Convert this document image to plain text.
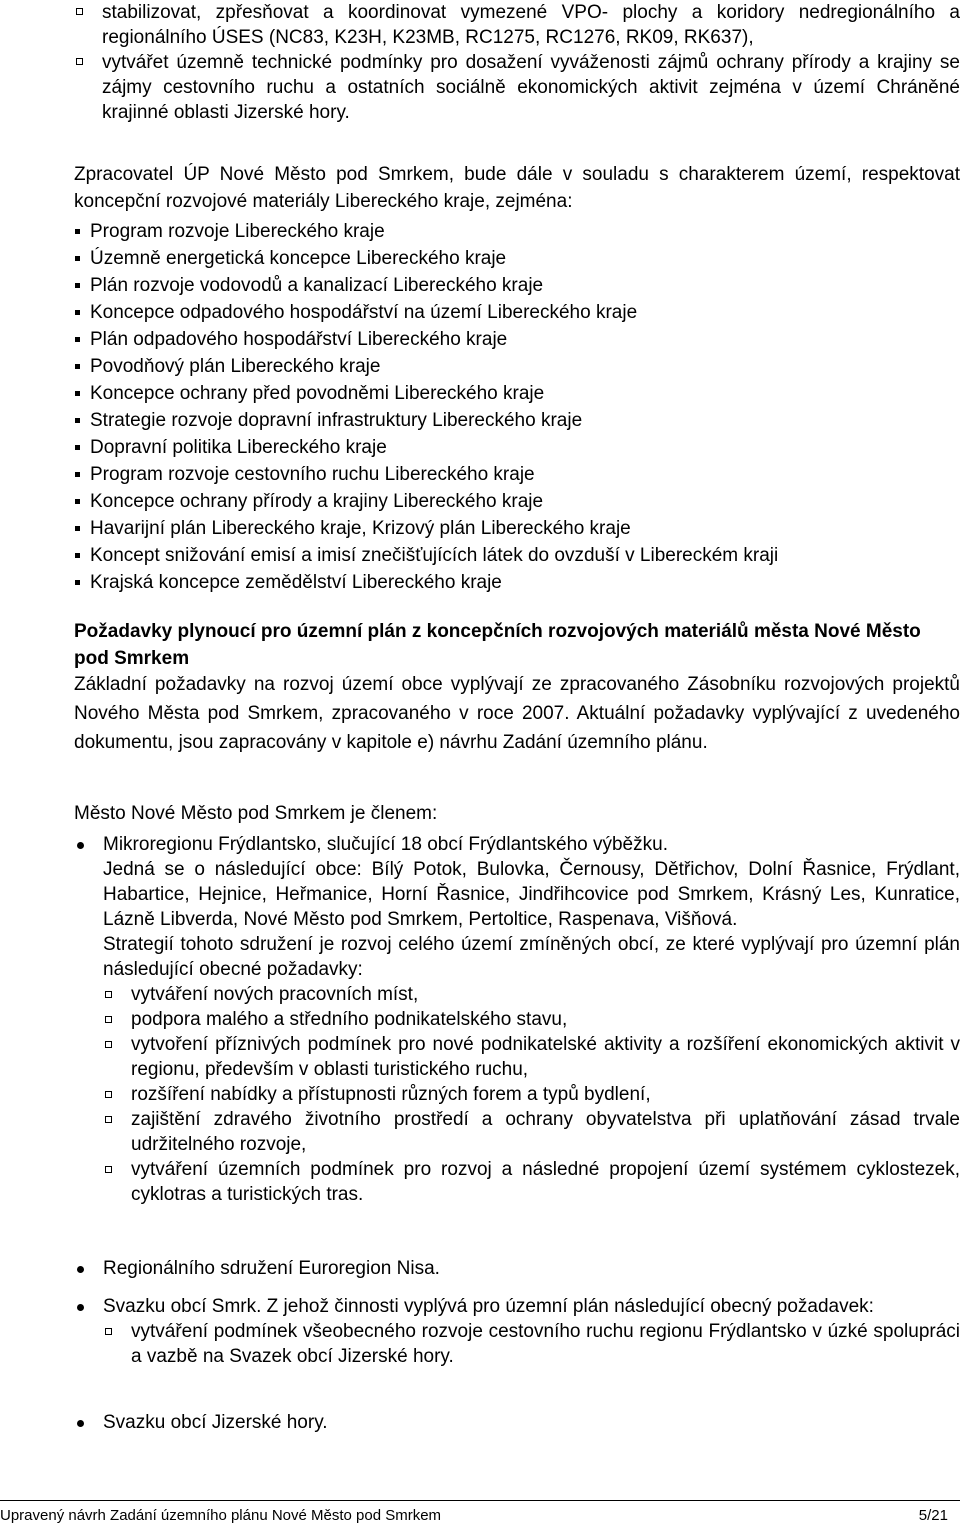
stabilizovat, zpřesňovat a koordinovat vymezené VPO- plochy a koridory nedregionálního a regionálního ÚSES (NC83, K23H, K23MB, RC1275, RC1276, RK09, RK637),
vytvářet územně technické podmínky pro dosažení vyváženosti zájmů ochrany přírody a krajiny se zájmy cestovního ruchu a ostatních sociálně ekonomických aktivit zejména v území Chráněné krajinné oblasti Jizerské hory.

Zpracovatel ÚP Nové Město pod Smrkem, bude dále v souladu s charakterem území, respektovat koncepční rozvojové materiály Libereckého kraje, zejména:

Program rozvoje Libereckého kraje
Územně energetická koncepce Libereckého kraje
Plán rozvoje vodovodů a kanalizací Libereckého kraje
Koncepce odpadového hospodářství na území Libereckého kraje
Plán odpadového hospodářství Libereckého kraje
Povodňový plán Libereckého kraje
Koncepce ochrany před povodněmi Libereckého kraje
Strategie rozvoje dopravní infrastruktury Libereckého kraje
Dopravní politika Libereckého kraje
Program rozvoje cestovního ruchu Libereckého kraje
Koncepce ochrany přírody a krajiny Libereckého kraje
Havarijní plán Libereckého kraje, Krizový plán Libereckého kraje
Koncept snižování emisí a imisí znečišťujících látek do ovzduší v Libereckém kraji
Krajská koncepce zemědělství Libereckého kraje
Požadavky plynoucí pro územní plán z koncepčních rozvojových materiálů města Nové Město pod Smrkem

Základní požadavky na rozvoj území obce vyplývají ze zpracovaného Zásobníku rozvojových projektů Nového Města pod Smrkem, zpracovaného v roce 2007. Aktuální požadavky vyplývající z uvedeného dokumentu, jsou zapracovány v kapitole e) návrhu Zadání územního plánu.

Město Nové Město pod Smrkem je členem:

Mikroregionu Frýdlantsko, slučující 18 obcí Frýdlantského výběžku.

Jedná se o následující obce: Bílý Potok, Bulovka, Černousy, Dětřichov, Dolní Řasnice, Frýdlant, Habartice, Hejnice, Heřmanice, Horní Řasnice, Jindřihcovice pod Smrkem, Krásný Les, Kunratice, Lázně Libverda, Nové Město pod Smrkem, Pertoltice, Raspenava, Višňová.

Strategií tohoto sdružení je rozvoj celého území zmíněných obcí, ze které vyplývají pro územní plán následující obecné požadavky:

vytváření nových pracovních míst,
podpora malého a středního podnikatelského stavu,
vytvoření příznivých podmínek pro nové podnikatelské aktivity a rozšíření ekonomických aktivit v regionu, především v oblasti turistického ruchu,
rozšíření nabídky a přístupnosti různých forem a typů bydlení,
zajištění zdravého životního prostředí a ochrany obyvatelstva při uplatňování zásad trvale udržitelného rozvoje,
vytváření územních podmínek pro rozvoj a následné propojení území systémem cyklostezek, cyklotras a turistických tras.

Regionálního sdružení Euroregion Nisa.

Svazku obcí Smrk. Z jehož činnosti vyplývá pro územní plán následující obecný požadavek:

vytváření podmínek všeobecného rozvoje cestovního ruchu regionu Frýdlantsko v úzké spolupráci a vazbě na Svazek obcí Jizerské hory.

Svazku obcí Jizerské hory.

Upravený návrh Zadání územního plánu Nové Město pod Smrkem	5/21
